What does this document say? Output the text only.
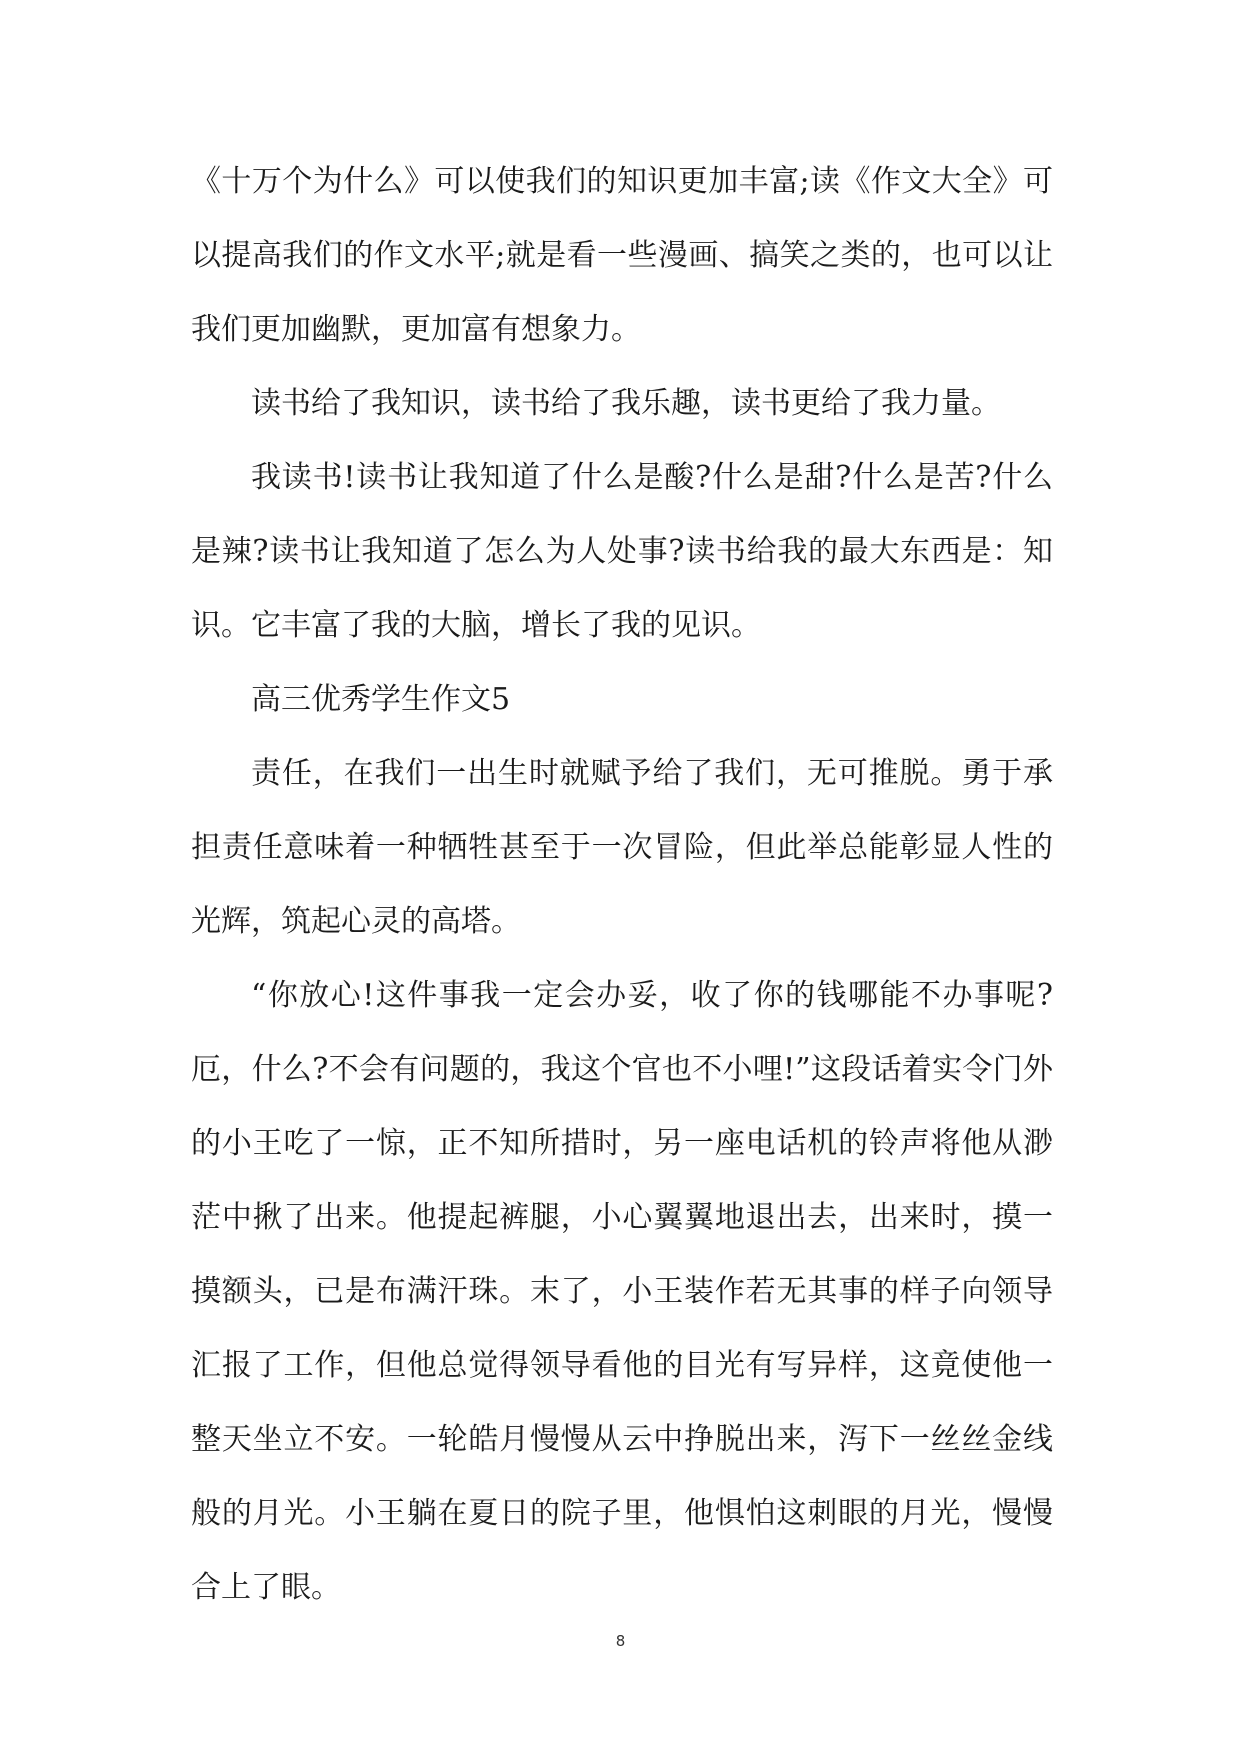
《十万个为什么》可以使我们的知识更加丰富;读《作文大全》可以提高我们的作文水平;就是看一些漫画、搞笑之类的，也可以让我们更加幽默，更加富有想象力。

读书给了我知识，读书给了我乐趣，读书更给了我力量。

我读书!读书让我知道了什么是酸?什么是甜?什么是苦?什么是辣?读书让我知道了怎么为人处事?读书给我的最大东西是：知识。它丰富了我的大脑，增长了我的见识。

高三优秀学生作文5

责任，在我们一出生时就赋予给了我们，无可推脱。勇于承担责任意味着一种牺牲甚至于一次冒险，但此举总能彰显人性的光辉，筑起心灵的高塔。

“你放心!这件事我一定会办妥，收了你的钱哪能不办事呢?厄，什么?不会有问题的，我这个官也不小哩!”这段话着实令门外的小王吃了一惊，正不知所措时，另一座电话机的铃声将他从渺茫中揪了出来。他提起裤腿，小心翼翼地退出去，出来时，摸一摸额头，已是布满汗珠。末了，小王装作若无其事的样子向领导汇报了工作，但他总觉得领导看他的目光有写异样，这竟使他一整天坐立不安。一轮皓月慢慢从云中挣脱出来，泻下一丝丝金线般的月光。小王躺在夏日的院子里，他惧怕这刺眼的月光，慢慢合上了眼。

8
